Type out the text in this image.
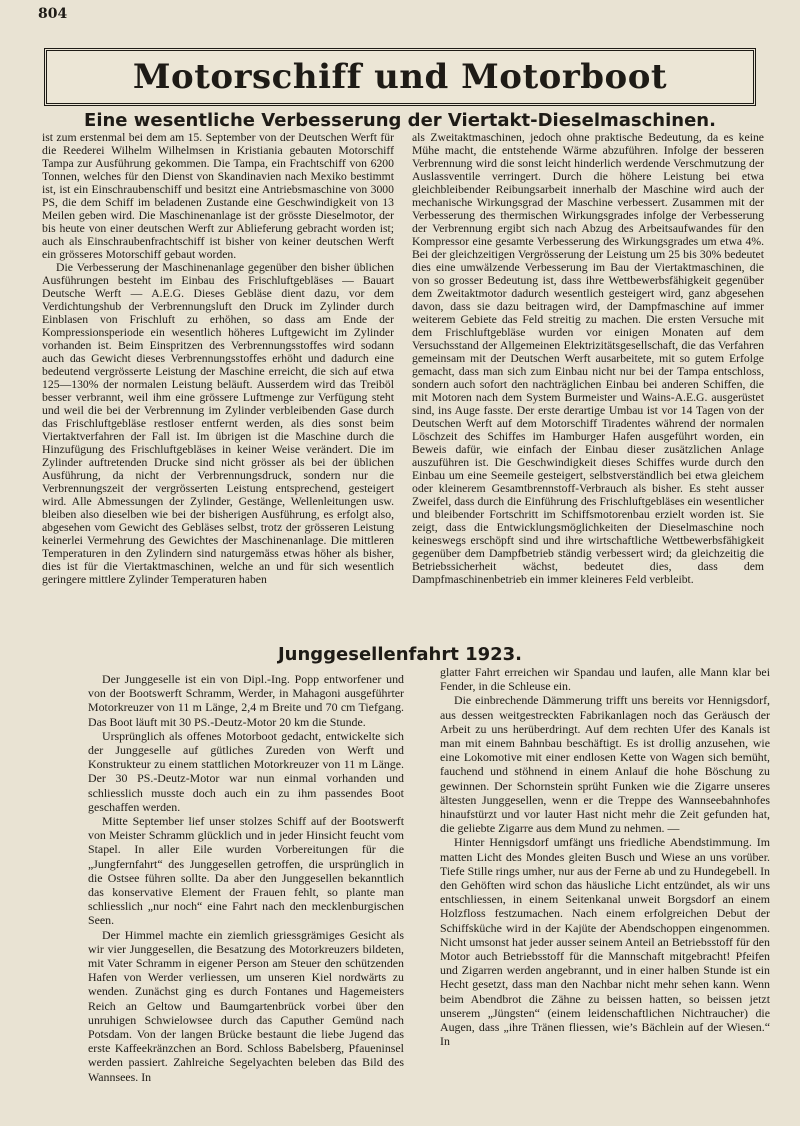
804
Motorschiff und Motorboot
Eine wesentliche Verbesserung der Viertakt-Dieselmaschinen.

ist zum erstenmal bei dem am 15. September von der Deutschen Werft für die Reederei Wilhelm Wilhelmsen in Kristiania gebauten Motorschiff Tampa zur Ausführung gekommen. Die Tampa, ein Frachtschiff von 6200 Tonnen, welches für den Dienst von Skandinavien nach Mexiko bestimmt ist, ist ein Einschraubenschiff und besitzt eine Antriebsmaschine von 3000 PS, die dem Schiff im beladenen Zustande eine Geschwindigkeit von 13 Meilen geben wird. Die Maschinenanlage ist der grösste Dieselmotor, der bis heute von einer deutschen Werft zur Ablieferung gebracht worden ist; auch als Einschraubenfrachtschiff ist bisher von keiner deutschen Werft ein grösseres Motorschiff gebaut worden.

Die Verbesserung der Maschinenanlage gegenüber den bisher üblichen Ausführungen besteht im Einbau des Frischluftgebläses — Bauart Deutsche Werft — A.E.G. Dieses Gebläse dient dazu, vor dem Verdichtungshub der Verbrennungsluft den Druck im Zylinder durch Einblasen von Frischluft zu erhöhen, so dass am Ende der Kompressionsperiode ein wesentlich höheres Luftgewicht im Zylinder vorhanden ist. Beim Einspritzen des Verbrennungsstoffes wird sodann auch das Gewicht dieses Verbrennungsstoffes erhöht und dadurch eine bedeutend vergrösserte Leistung der Maschine erreicht, die sich auf etwa 125—130% der normalen Leistung beläuft. Ausserdem wird das Treiböl besser verbrannt, weil ihm eine grössere Luftmenge zur Verfügung steht und weil die bei der Verbrennung im Zylinder verbleibenden Gase durch das Frischluftgebläse restloser entfernt werden, als dies sonst beim Viertaktverfahren der Fall ist. Im übrigen ist die Maschine durch die Hinzufügung des Frischluftgebläses in keiner Weise verändert. Die im Zylinder auftretenden Drucke sind nicht grösser als bei der üblichen Ausführung, da nicht der Verbrennungsdruck, sondern nur die Verbrennungszeit der vergrösserten Leistung entsprechend, gesteigert wird. Alle Abmessungen der Zylinder, Gestänge, Wellenleitungen usw. bleiben also dieselben wie bei der bisherigen Ausführung, es erfolgt also, abgesehen vom Gewicht des Gebläses selbst, trotz der grösseren Leistung keinerlei Vermehrung des Gewichtes der Maschinenanlage. Die mittleren Temperaturen in den Zylindern sind naturgemäss etwas höher als bisher, dies ist für die Viertaktmaschinen, welche an und für sich wesentlich geringere mittlere Zylinder Temperaturen haben

als Zweitaktmaschinen, jedoch ohne praktische Bedeutung, da es keine Mühe macht, die entstehende Wärme abzuführen. Infolge der besseren Verbrennung wird die sonst leicht hinderlich werdende Verschmutzung der Auslassventile verringert. Durch die höhere Leistung bei etwa gleichbleibender Reibungsarbeit innerhalb der Maschine wird auch der mechanische Wirkungsgrad der Maschine verbessert. Zusammen mit der Verbesserung des thermischen Wirkungsgrades infolge der Verbesserung der Verbrennung ergibt sich nach Abzug des Arbeitsaufwandes für den Kompressor eine gesamte Verbesserung des Wirkungsgrades um etwa 4%. Bei der gleichzeitigen Vergrösserung der Leistung um 25 bis 30% bedeutet dies eine umwälzende Verbesserung im Bau der Viertaktmaschinen, die von so grosser Bedeutung ist, dass ihre Wettbewerbsfähigkeit gegenüber dem Zweitaktmotor dadurch wesentlich gesteigert wird, ganz abgesehen davon, dass sie dazu beitragen wird, der Dampfmaschine auf immer weiterem Gebiete das Feld streitig zu machen. Die ersten Versuche mit dem Frischluftgebläse wurden vor einigen Monaten auf dem Versuchsstand der Allgemeinen Elektrizitätsgesellschaft, die das Verfahren gemeinsam mit der Deutschen Werft ausarbeitete, mit so gutem Erfolge gemacht, dass man sich zum Einbau nicht nur bei der Tampa entschloss, sondern auch sofort den nachträglichen Einbau bei anderen Schiffen, die mit Motoren nach dem System Burmeister und Wains-A.E.G. ausgerüstet sind, ins Auge fasste. Der erste derartige Umbau ist vor 14 Tagen von der Deutschen Werft auf dem Motorschiff Tiradentes während der normalen Löschzeit des Schiffes im Hamburger Hafen ausgeführt worden, ein Beweis dafür, wie einfach der Einbau dieser zusätzlichen Anlage auszuführen ist. Die Geschwindigkeit dieses Schiffes wurde durch den Einbau um eine Seemeile gesteigert, selbstverständlich bei etwa gleichem oder kleinerem Gesamtbrennstoff-Verbrauch als bisher. Es steht ausser Zweifel, dass durch die Einführung des Frischluftgebläses ein wesentlicher und bleibender Fortschritt im Schiffsmotorenbau erzielt worden ist. Sie zeigt, dass die Entwicklungsmöglichkeiten der Dieselmaschine noch keineswegs erschöpft sind und ihre wirtschaftliche Wettbewerbsfähigkeit gegenüber dem Dampfbetrieb ständig verbessert wird; da gleichzeitig die Betriebssicherheit wächst, bedeutet dies, dass dem Dampfmaschinenbetrieb ein immer kleineres Feld verbleibt.

Junggesellenfahrt 1923.

Der Junggeselle ist ein von Dipl.-Ing. Popp entworfener und von der Bootswerft Schramm, Werder, in Mahagoni ausgeführter Motorkreuzer von 11 m Länge, 2,4 m Breite und 70 cm Tiefgang. Das Boot läuft mit 30 PS.-Deutz-Motor 20 km die Stunde.

Ursprünglich als offenes Motorboot gedacht, entwickelte sich der Junggeselle auf gütliches Zureden von Werft und Konstrukteur zu einem stattlichen Motorkreuzer von 11 m Länge. Der 30 PS.-Deutz-Motor war nun einmal vorhanden und schliesslich musste doch auch ein zu ihm passendes Boot geschaffen werden.

Mitte September lief unser stolzes Schiff auf der Bootswerft von Meister Schramm glücklich und in jeder Hinsicht feucht vom Stapel. In aller Eile wurden Vorbereitungen für die „Jungfernfahrt“ des Junggesellen getroffen, die ursprünglich in die Ostsee führen sollte. Da aber den Junggesellen bekanntlich das konservative Element der Frauen fehlt, so plante man schliesslich „nur noch“ eine Fahrt nach den mecklenburgischen Seen.

Der Himmel machte ein ziemlich griessgrämiges Gesicht als wir vier Junggesellen, die Besatzung des Motorkreuzers bildeten, mit Vater Schramm in eigener Person am Steuer den schützenden Hafen von Werder verliessen, um unseren Kiel nordwärts zu wenden. Zunächst ging es durch Fontanes und Hagemeisters Reich an Geltow und Baumgartenbrück vorbei über den unruhigen Schwielowsee durch das Caputher Gemünd nach Potsdam. Von der langen Brücke bestaunt die liebe Jugend das erste Kaffeekränzchen an Bord. Schloss Babelsberg, Pfaueninsel werden passiert. Zahlreiche Segelyachten beleben das Bild des Wannsees. In

glatter Fahrt erreichen wir Spandau und laufen, alle Mann klar bei Fender, in die Schleuse ein.

Die einbrechende Dämmerung trifft uns bereits vor Hennigsdorf, aus dessen weitgestreckten Fabrikanlagen noch das Geräusch der Arbeit zu uns herüberdringt. Auf dem rechten Ufer des Kanals ist man mit einem Bahnbau beschäftigt. Es ist drollig anzusehen, wie eine Lokomotive mit einer endlosen Kette von Wagen sich bemüht, fauchend und stöhnend in einem Anlauf die hohe Böschung zu gewinnen. Der Schornstein sprüht Funken wie die Zigarre unseres ältesten Junggesellen, wenn er die Treppe des Wannseebahnhofes hinaufstürzt und vor lauter Hast nicht mehr die Zeit gefunden hat, die geliebte Zigarre aus dem Mund zu nehmen. —

Hinter Hennigsdorf umfängt uns friedliche Abendstimmung. Im matten Licht des Mondes gleiten Busch und Wiese an uns vorüber. Tiefe Stille rings umher, nur aus der Ferne ab und zu Hundegebell. In den Gehöften wird schon das häusliche Licht entzündet, als wir uns entschliessen, in einem Seitenkanal unweit Borgsdorf an einem Holzfloss festzumachen. Nach einem erfolgreichen Debut der Schiffsküche wird in der Kajüte der Abendschoppen eingenommen. Nicht umsonst hat jeder ausser seinem Anteil an Betriebsstoff für den Motor auch Betriebsstoff für die Mannschaft mitgebracht! Pfeifen und Zigarren werden angebrannt, und in einer halben Stunde ist ein Hecht gesetzt, dass man den Nachbar nicht mehr sehen kann. Wenn beim Abendbrot die Zähne zu beissen hatten, so beissen jetzt unserem „Jüngsten“ (einem leidenschaftlichen Nichtraucher) die Augen, dass „ihre Tränen fliessen, wie’s Bächlein auf der Wiesen.“ In
